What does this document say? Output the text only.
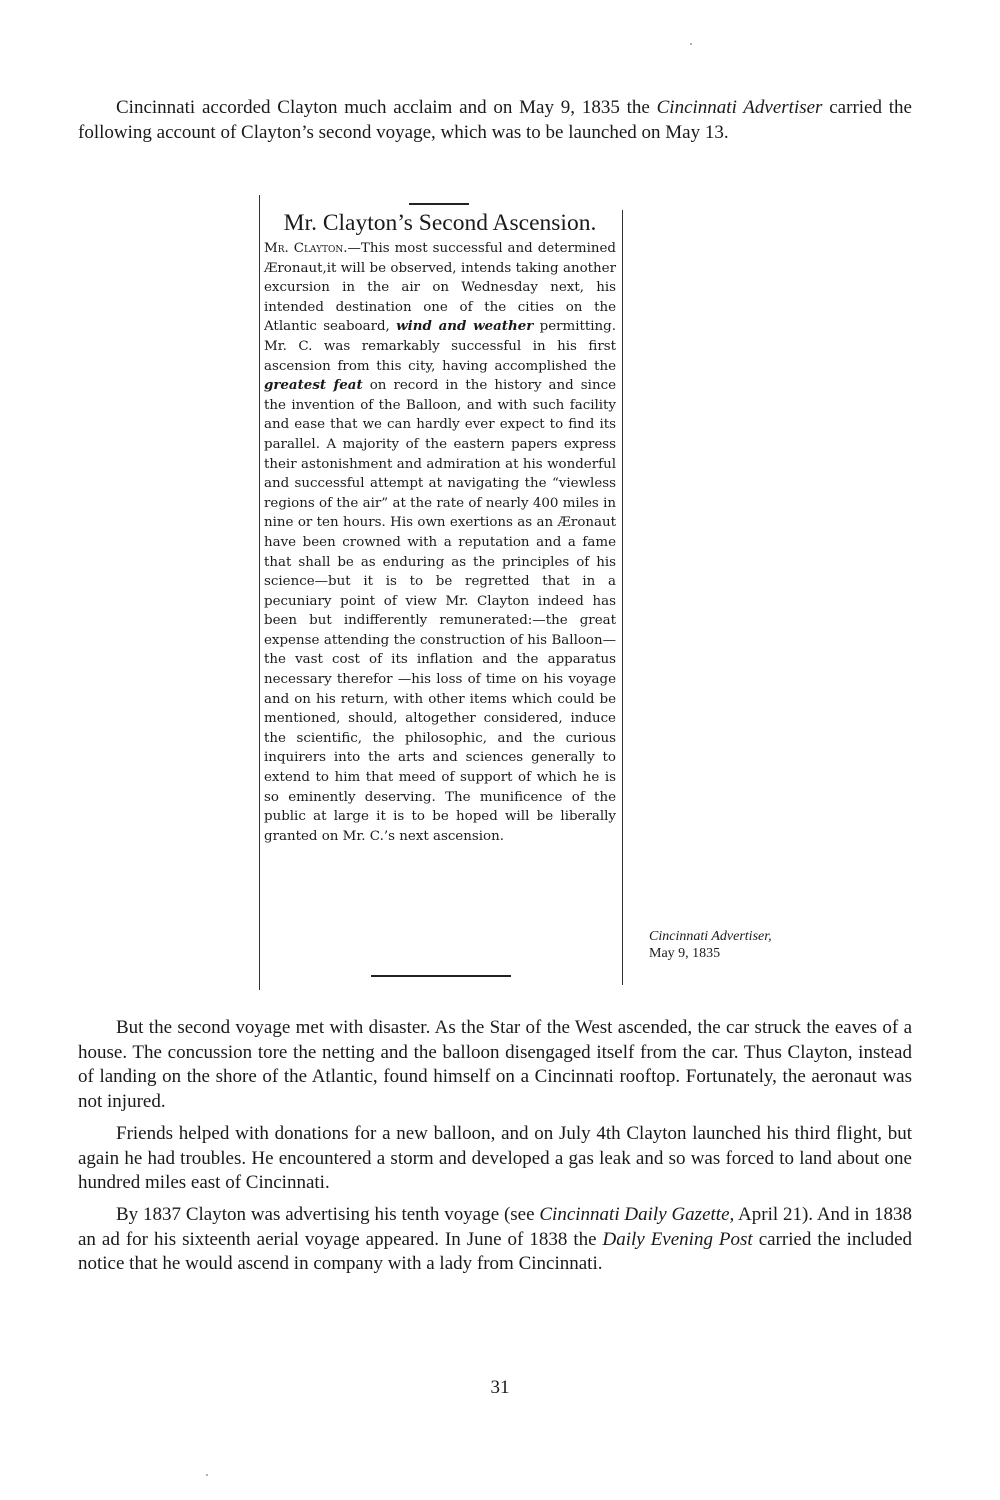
Cincinnati accorded Clayton much acclaim and on May 9, 1835 the Cincinnati Advertiser carried the following account of Clayton’s second voyage, which was to be launched on May 13.

Mr. Clayton’s Second Ascension.

Mr. Clayton.—This most successful and determined Æronaut,it will be observed, intends taking another excursion in the air on Wednesday next, his intended destination one of the cities on the Atlantic seaboard, wind and weather permitting. Mr. C. was remarkably successful in his first ascension from this city, having accomplished the greatest feat on record in the history and since the invention of the Balloon, and with such facility and ease that we can hardly ever expect to find its parallel. A majority of the eastern papers express their astonishment and admiration at his wonderful and successful attempt at navigating the “viewless regions of the air” at the rate of nearly 400 miles in nine or ten hours. His own exertions as an Æronaut have been crowned with a reputation and a fame that shall be as enduring as the principles of his science—but it is to be regretted that in a pecuniary point of view Mr. Clayton indeed has been but indifferently remunerated:—the great expense attending the construction of his Balloon—the vast cost of its inflation and the apparatus necessary therefor —his loss of time on his voyage and on his return, with other items which could be mentioned, should, altogether considered, induce the scientific, the philosophic, and the curious inquirers into the arts and sciences generally to extend to him that meed of support of which he is so eminently deserving. The munificence of the public at large it is to be hoped will be liberally granted on Mr. C.’s next ascension.

Cincinnati Advertiser,
May 9, 1835

But the second voyage met with disaster. As the Star of the West ascended, the car struck the eaves of a house. The concussion tore the netting and the balloon disengaged itself from the car. Thus Clayton, instead of landing on the shore of the Atlantic, found himself on a Cincinnati rooftop. Fortunately, the aeronaut was not injured.

Friends helped with donations for a new balloon, and on July 4th Clayton launched his third flight, but again he had troubles. He encountered a storm and developed a gas leak and so was forced to land about one hundred miles east of Cincinnati.

By 1837 Clayton was advertising his tenth voyage (see Cincinnati Daily Gazette, April 21). And in 1838 an ad for his sixteenth aerial voyage appeared. In June of 1838 the Daily Evening Post carried the included notice that he would ascend in company with a lady from Cincinnati.

31
